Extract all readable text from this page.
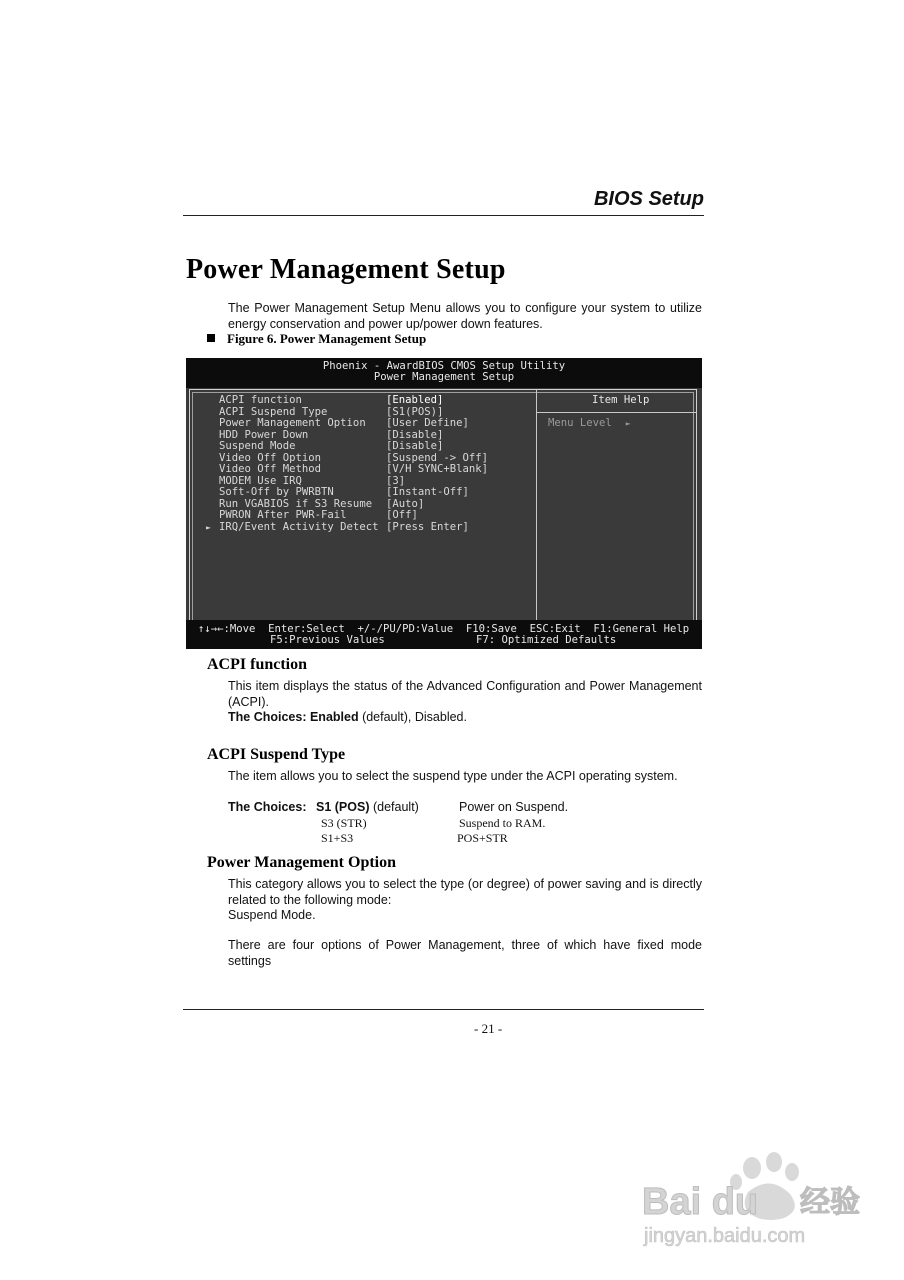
BIOS Setup
Power Management Setup
The Power Management Setup Menu allows you to configure your system to utilize energy conservation and power up/power down features.
Figure 6. Power Management Setup
Phoenix - AwardBIOS CMOS Setup Utility
Power Management Setup
ACPI function	[Enabled]
ACPI Suspend Type	[S1(POS)]
Power Management Option [User Define]
HDD Power Down	[Disable]
Suspend Mode	[Disable]
Video Off Option	[Suspend -> Off]
Video Off Method	[V/H SYNC+Blank]
MODEM Use IRQ	[3]
Soft-Off by PWRBTN	[Instant-Off]
Run VGABIOS if S3 Resume [Auto]
PWRON After PWR-Fail	[Off]
► IRQ/Event Activity Detect [Press Enter]
Item Help
Menu Level ►

↑↓→←:Move  Enter:Select  +/-/PU/PD:Value  F10:Save  ESC:Exit  F1:General Help

F5:Previous Values

	F7: Optimized Defaults

ACPI function
This item displays the status of the Advanced Configuration and Power Management (ACPI).
The Choices: Enabled (default), Disabled.
ACPI Suspend Type
The item allows you to select the suspend type under the ACPI operating system.
The Choices: S1 (POS) (default)	Power on Suspend.
S3 (STR)	Suspend to RAM.
S1+S3	POS+STR
Power Management Option
This category allows you to select the type (or degree) of power saving and is directly related to the following mode:
Suspend Mode.
There are four options of Power Management, three of which have fixed mode settings
- 21 -
Bai du 经验
jingyan.baidu.com
